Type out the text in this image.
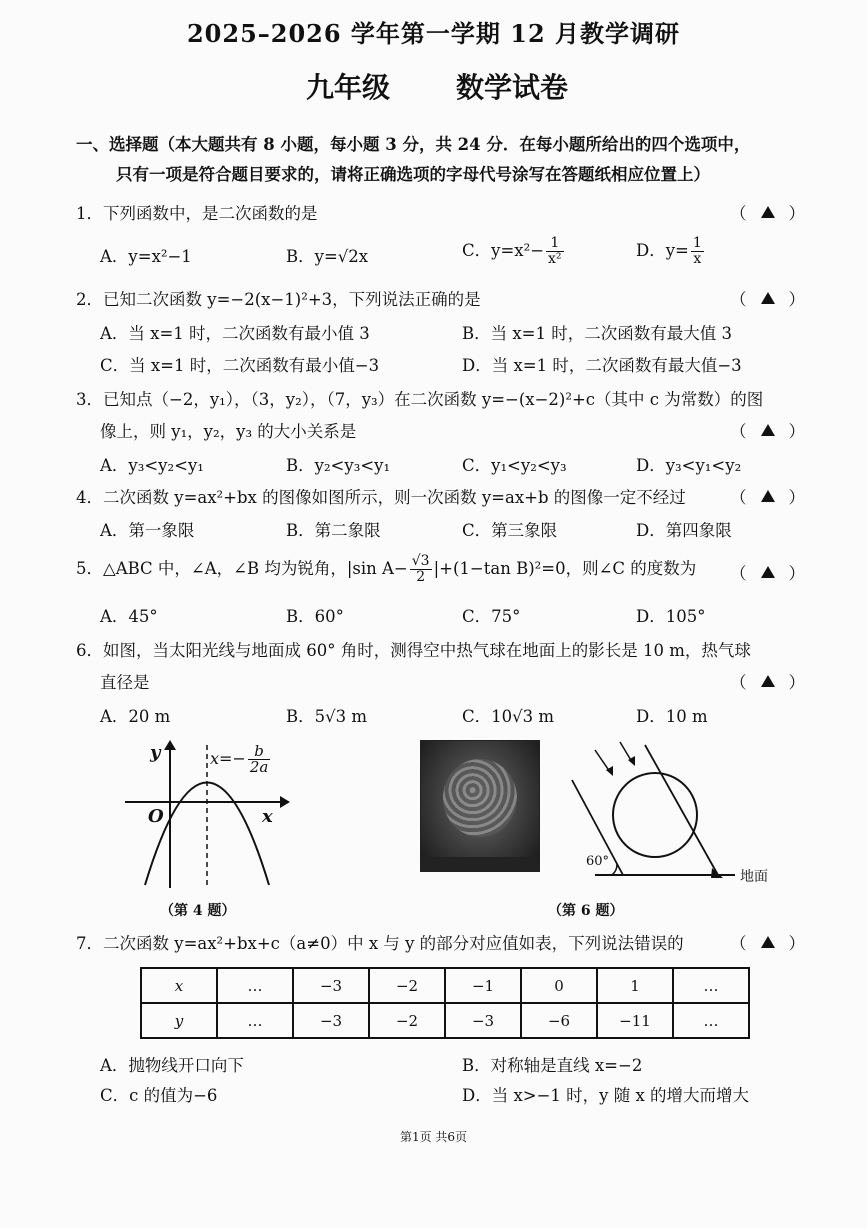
2025–2026 学年第一学期 12 月教学调研
九年级 数学试卷
一、选择题（本大题共有 8 小题，每小题 3 分，共 24 分．在每小题所给出的四个选项中，
只有一项是符合题目要求的，请将正确选项的字母代号涂写在答题纸相应位置上）
1．下列函数中，是二次函数的是	（	）
A．y=x²−1	B．y=√2x	C．$y=x^2- \frac{1}{\text{x²}}$	D．$y= \frac{1}{x}$
2．已知二次函数 y=−2(x−1)²+3，下列说法正确的是	（	）
A．当 x=1 时，二次函数有最小值 3	B．当 x=1 时，二次函数有最大值 3
C．当 x=1 时，二次函数有最小值−3	D．当 x=1 时，二次函数有最大值−3
3．已知点（−2，y₁），（3，y₂），（7，y₃）在二次函数 y=−(x−2)²+c（其中 c 为常数）的图
像上，则 y₁，y₂，y₃ 的大小关系是	（	）
A．y₃<y₂<y₁	B．y₂<y₃<y₁	C．y₁<y₂<y₃	D．y₃<y₁<y₂
4．二次函数 y=ax²+bx 的图像如图所示，则一次函数 y=ax+b 的图像一定不经过	（	）
A．第一象限	B．第二象限	C．第三象限	D．第四象限
5．△ABC 中，∠A，∠B 均为锐角，|sin $A- \frac{√3}{2} |+(1-\tan$ B)²=0，则∠C 的度数为 （	）
A．45°	B．60°	C．75°	D．105°
6．如图，当太阳光线与地面成 60° 角时，测得空中热气球在地面上的影长是 10 m，热气球
直径是	（	）
A．20 m	B．5√3 m	C．10√3 m	D．10 m
y
x
O
$x=- \frac{b}{2a}$
（第 4 题）
60°
地面
（第 6 题）
7．二次函数 y=ax²+bx+c（a≠0）中 x 与 y 的部分对应值如表，下列说法错误的	（	）
x	…	−3	−2	−1	0	1	…
y	…	−3	−2	−3	−6	−11	…
A．抛物线开口向下	B．对称轴是直线 x=−2
C．c 的值为−6	D．当 x>−1 时，y 随 x 的增大而增大
第1页 共6页
